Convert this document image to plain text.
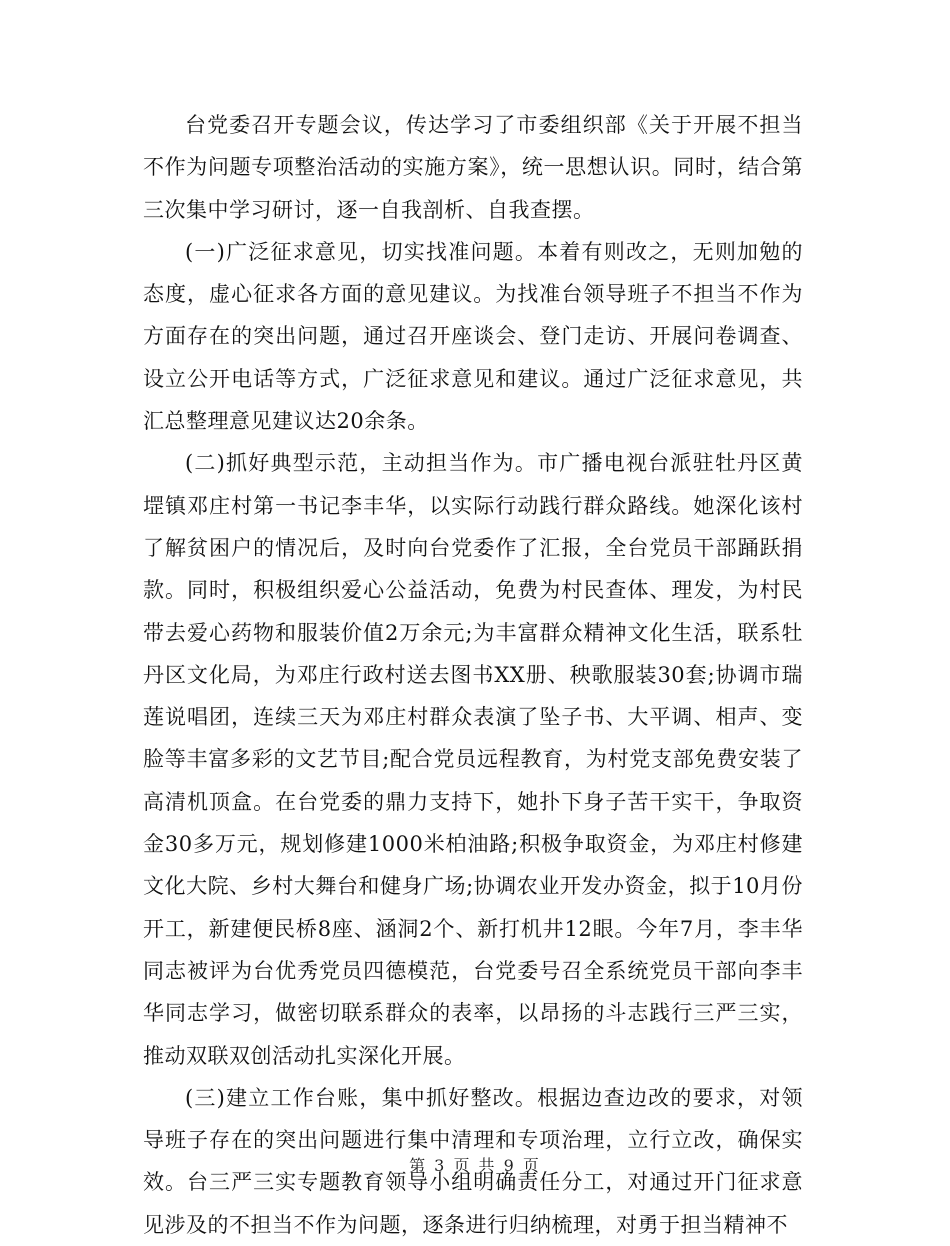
台党委召开专题会议，传达学习了市委组织部《关于开展不担当不作为问题专项整治活动的实施方案》，统一思想认识。同时，结合第三次集中学习研讨，逐一自我剖析、自我查摆。

(一)广泛征求意见，切实找准问题。本着有则改之，无则加勉的态度，虚心征求各方面的意见建议。为找准台领导班子不担当不作为方面存在的突出问题，通过召开座谈会、登门走访、开展问卷调查、设立公开电话等方式，广泛征求意见和建议。通过广泛征求意见，共汇总整理意见建议达20余条。

(二)抓好典型示范，主动担当作为。市广播电视台派驻牡丹区黄堽镇邓庄村第一书记李丰华，以实际行动践行群众路线。她深化该村了解贫困户的情况后，及时向台党委作了汇报，全台党员干部踊跃捐款。同时，积极组织爱心公益活动，免费为村民查体、理发，为村民带去爱心药物和服装价值2万余元;为丰富群众精神文化生活，联系牡丹区文化局，为邓庄行政村送去图书XX册、秧歌服装30套;协调市瑞莲说唱团，连续三天为邓庄村群众表演了坠子书、大平调、相声、变脸等丰富多彩的文艺节目;配合党员远程教育，为村党支部免费安装了高清机顶盒。在台党委的鼎力支持下，她扑下身子苦干实干，争取资金30多万元，规划修建1000米柏油路;积极争取资金，为邓庄村修建文化大院、乡村大舞台和健身广场;协调农业开发办资金，拟于10月份开工，新建便民桥8座、涵洞2个、新打机井12眼。今年7月，李丰华同志被评为台优秀党员四德模范，台党委号召全系统党员干部向李丰华同志学习，做密切联系群众的表率，以昂扬的斗志践行三严三实，推动双联双创活动扎实深化开展。

(三)建立工作台账，集中抓好整改。根据边查边改的要求，对领导班子存在的突出问题进行集中清理和专项治理，立行立改，确保实效。台三严三实专题教育领导小组明确责任分工，对通过开门征求意见涉及的不担当不作为问题，逐条进行归纳梳理，对勇于担当精神不

第 3 页 共 9 页
